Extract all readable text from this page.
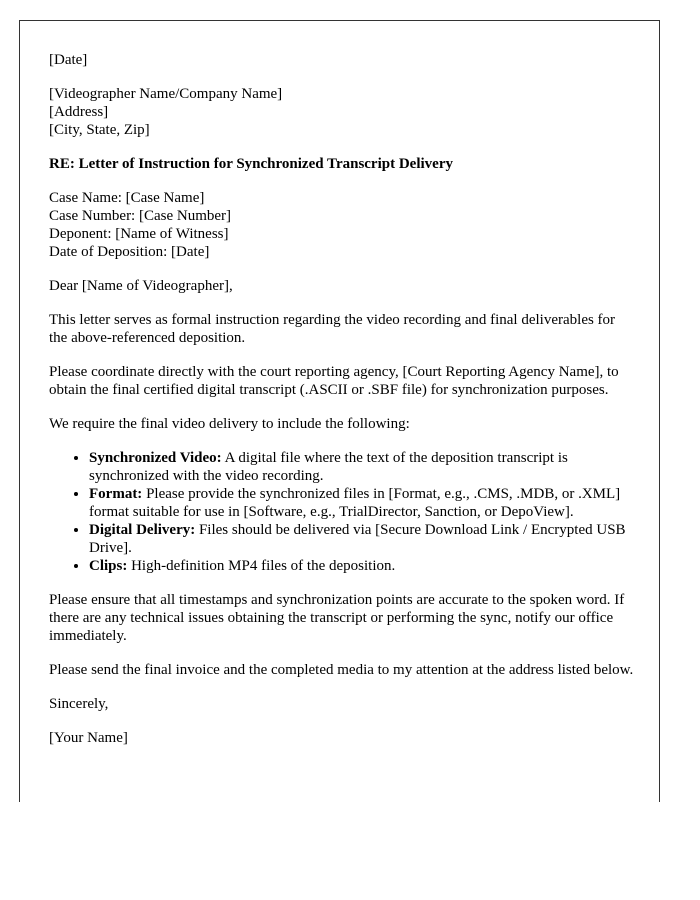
[Date]

[Videographer Name/Company Name]
[Address]
[City, State, Zip]

RE: Letter of Instruction for Synchronized Transcript Delivery

Case Name: [Case Name]
Case Number: [Case Number]
Deponent: [Name of Witness]
Date of Deposition: [Date]

Dear [Name of Videographer],

This letter serves as formal instruction regarding the video recording and final deliverables for the above-referenced deposition.

Please coordinate directly with the court reporting agency, [Court Reporting Agency Name], to obtain the final certified digital transcript (.ASCII or .SBF file) for synchronization purposes.

We require the final video delivery to include the following:

• Synchronized Video: A digital file where the text of the deposition transcript is synchronized with the video recording.
• Format: Please provide the synchronized files in [Format, e.g., .CMS, .MDB, or .XML] format suitable for use in [Software, e.g., TrialDirector, Sanction, or DepoView].
• Digital Delivery: Files should be delivered via [Secure Download Link / Encrypted USB Drive].
• Clips: High-definition MP4 files of the deposition.

Please ensure that all timestamps and synchronization points are accurate to the spoken word. If there are any technical issues obtaining the transcript or performing the sync, notify our office immediately.

Please send the final invoice and the completed media to my attention at the address listed below.

Sincerely,

[Your Name]
